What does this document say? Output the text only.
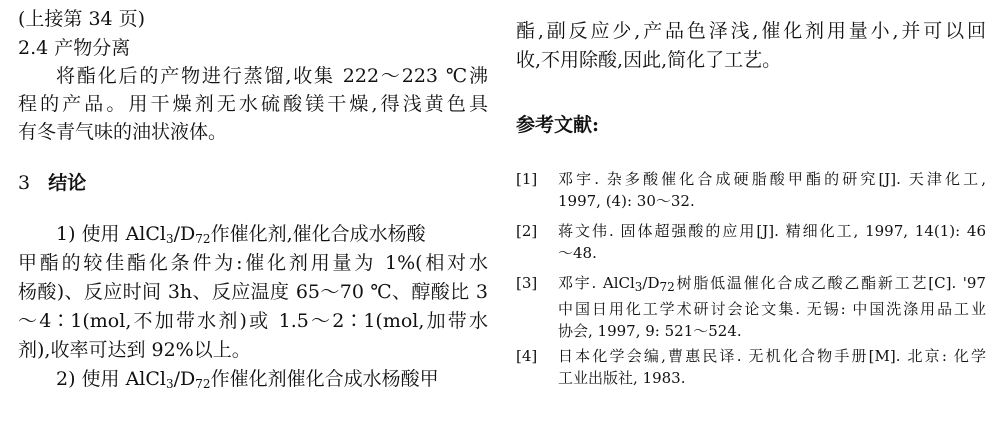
(上接第 34 页)
2.4 产物分离
将酯化后的产物进行蒸馏,收集 222～223 ℃沸
程的产品。用干燥剂无水硫酸镁干燥,得浅黄色具
有冬青气味的油状液体。
3 结论
1) 使用 $AlCl_3/D_{72}$作催化剂,催化合成水杨酸
甲酯的较佳酯化条件为:催化剂用量为 1%(相对水
杨酸)、反应时间 3h、反应温度 65～70 ℃、醇酸比 3
～4∶1(mol,不加带水剂)或 1.5～2∶1(mol,加带水
剂),收率可达到 92%以上。
2) 使用 $AlCl_3/D_{72}$作催化剂催化合成水杨酸甲
酯,副反应少,产品色泽浅,催化剂用量小,并可以回
收,不用除酸,因此,简化了工艺。
参考文献:
[1] 邓宇. 杂多酸催化合成硬脂酸甲酯的研究[J]. 天津化工,
1997, (4): 30～32.
[2] 蒋文伟. 固体超强酸的应用[J]. 精细化工, 1997, 14(1): 46
～48.
[3] 邓宇. $AlCl_3/D_{72}$树脂低温催化合成乙酸乙酯新工艺[C]. '97
中国日用化工学术研讨会论文集. 无锡: 中国洗涤用品工业
协会, 1997, 9: 521～524.
[4] 日本化学会编,曹惠民译. 无机化合物手册[M]. 北京: 化学
工业出版社, 1983.
